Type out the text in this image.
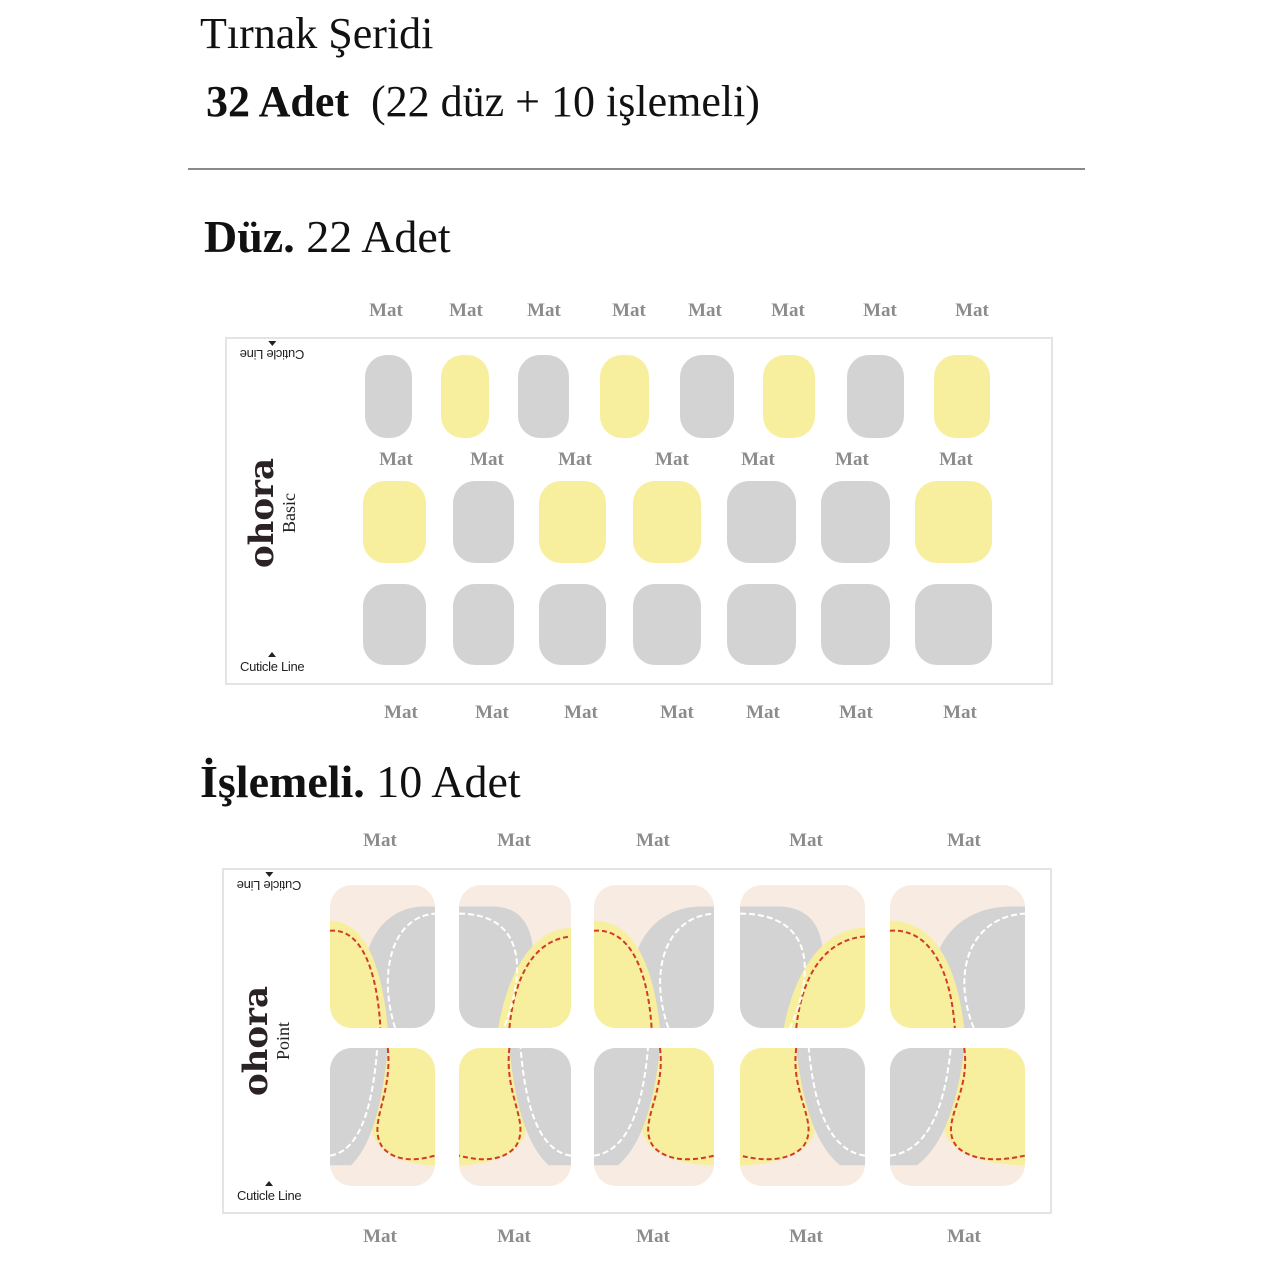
Tırnak Şeridi
32 Adet  (22 düz + 10 işlemeli)
Düz. 22 Adet
Mat Mat Mat	Mat Mat	Mat	Mat	Mat
Mat	Mat	Mat	Mat	Mat	Mat	Mat
Cuticle Line
Cuticle Line
ohora
Basic
Mat	Mat	Mat	Mat	Mat	Mat	Mat
İşlemeli. 10 Adet
Mat	Mat	Mat	Mat	Mat
Cuticle Line
Cuticle Line
ohora
Point
Mat	Mat	Mat	Mat	Mat
